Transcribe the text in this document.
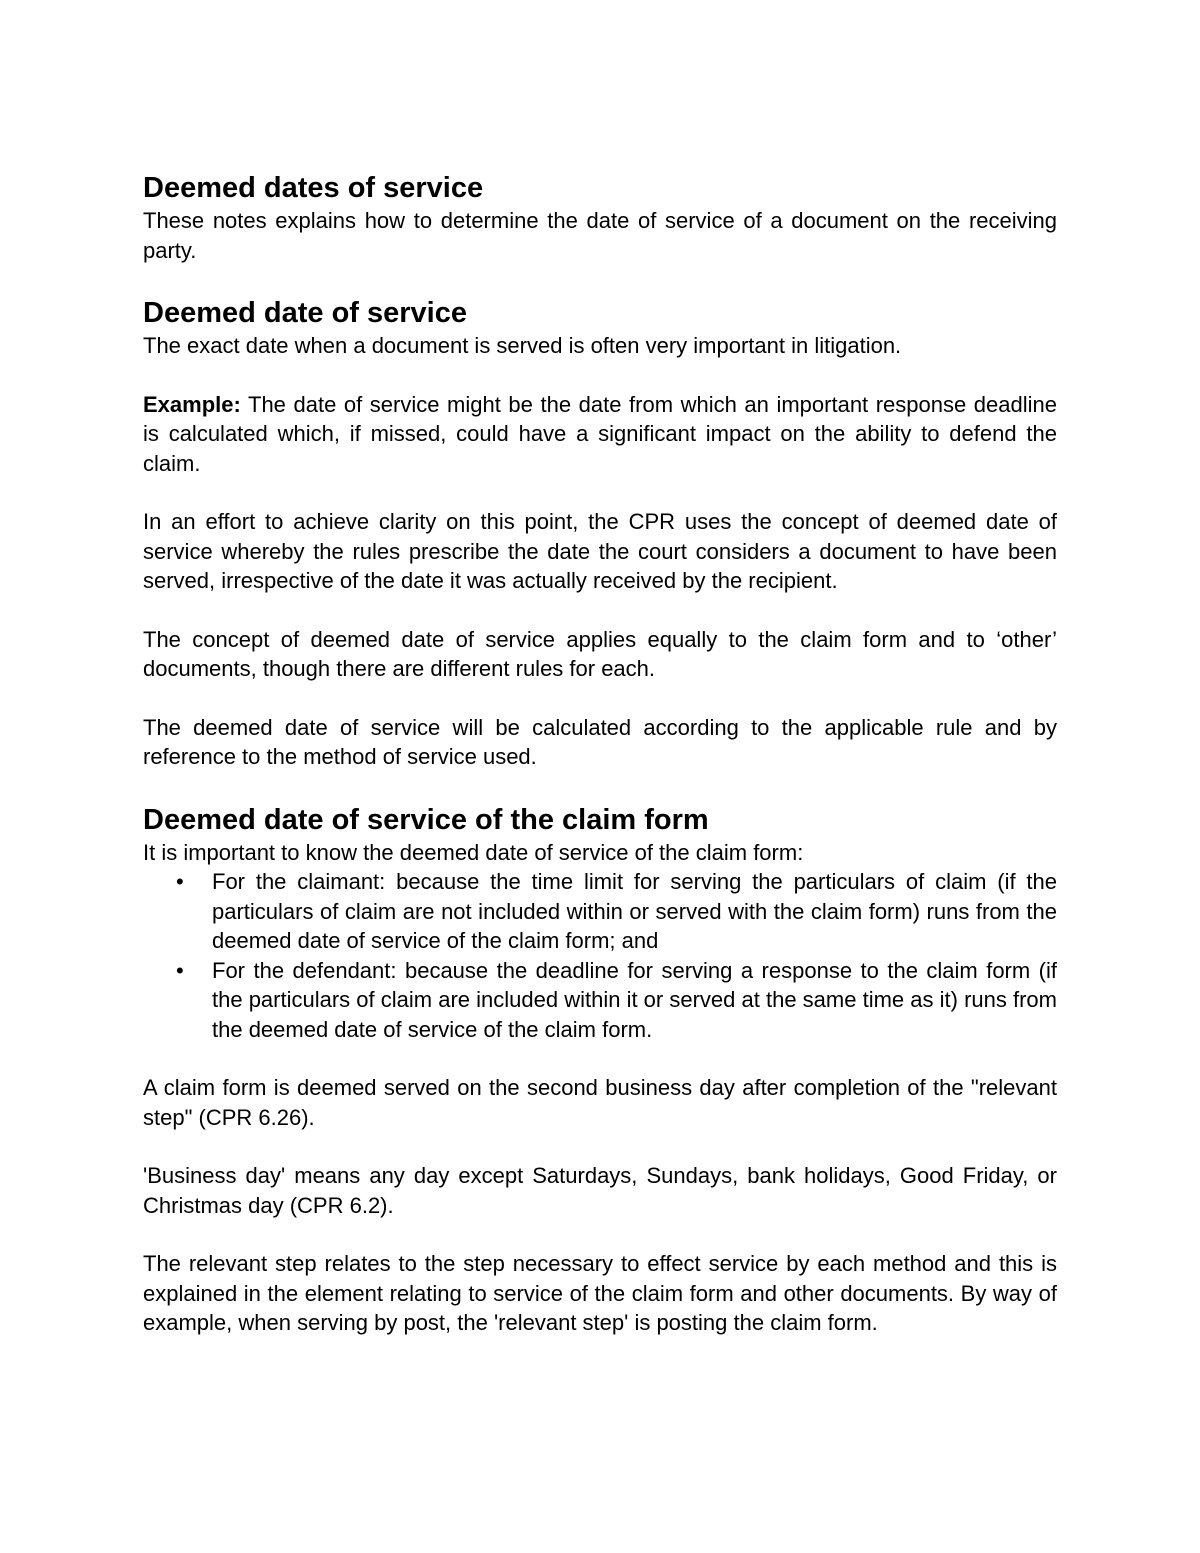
Deemed dates of service

These notes explains how to determine the date of service of a document on the receiving party.

Deemed date of service

The exact date when a document is served is often very important in litigation.

Example: The date of service might be the date from which an important response deadline is calculated which, if missed, could have a significant impact on the ability to defend the claim.

In an effort to achieve clarity on this point, the CPR uses the concept of deemed date of service whereby the rules prescribe the date the court considers a document to have been served, irrespective of the date it was actually received by the recipient.

The concept of deemed date of service applies equally to the claim form and to ‘other’ documents, though there are different rules for each.

The deemed date of service will be calculated according to the applicable rule and by reference to the method of service used.

Deemed date of service of the claim form

It is important to know the deemed date of service of the claim form:

• For the claimant: because the time limit for serving the particulars of claim (if the particulars of claim are not included within or served with the claim form) runs from the deemed date of service of the claim form; and
• For the defendant: because the deadline for serving a response to the claim form (if the particulars of claim are included within it or served at the same time as it) runs from the deemed date of service of the claim form.

A claim form is deemed served on the second business day after completion of the "relevant step" (CPR 6.26).

'Business day' means any day except Saturdays, Sundays, bank holidays, Good Friday, or Christmas day (CPR 6.2).

The relevant step relates to the step necessary to effect service by each method and this is explained in the element relating to service of the claim form and other documents. By way of example, when serving by post, the 'relevant step' is posting the claim form.
